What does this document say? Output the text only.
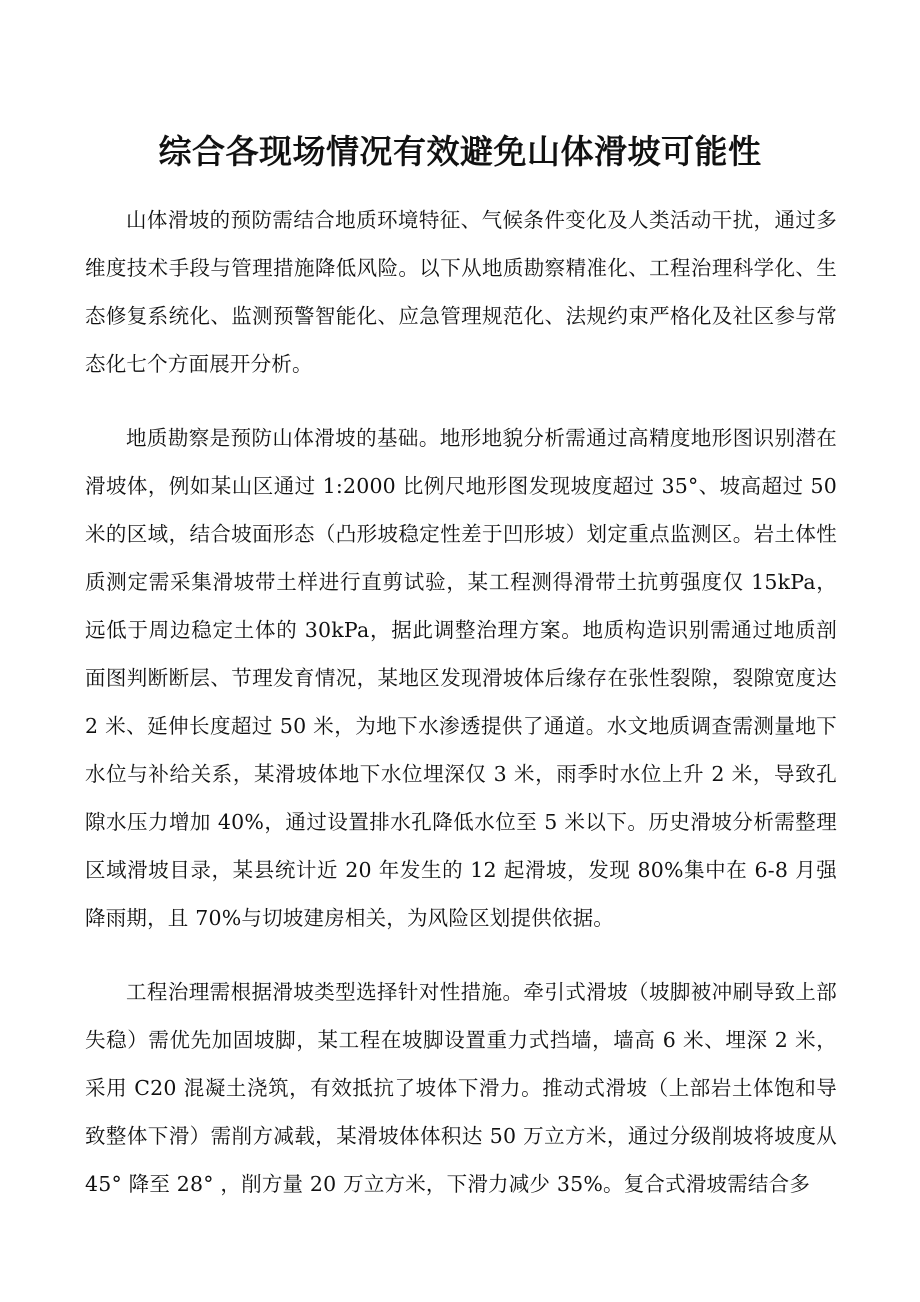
综合各现场情况有效避免山体滑坡可能性

山体滑坡的预防需结合地质环境特征、气候条件变化及人类活动干扰，通过多维度技术手段与管理措施降低风险。以下从地质勘察精准化、工程治理科学化、生态修复系统化、监测预警智能化、应急管理规范化、法规约束严格化及社区参与常态化七个方面展开分析。

地质勘察是预防山体滑坡的基础。地形地貌分析需通过高精度地形图识别潜在滑坡体，例如某山区通过 1:2000 比例尺地形图发现坡度超过 35°、坡高超过 50 米的区域，结合坡面形态（凸形坡稳定性差于凹形坡）划定重点监测区。岩土体性质测定需采集滑坡带土样进行直剪试验，某工程测得滑带土抗剪强度仅 15kPa，远低于周边稳定土体的 30kPa，据此调整治理方案。地质构造识别需通过地质剖面图判断断层、节理发育情况，某地区发现滑坡体后缘存在张性裂隙，裂隙宽度达 2 米、延伸长度超过 50 米，为地下水渗透提供了通道。水文地质调查需测量地下水位与补给关系，某滑坡体地下水位埋深仅 3 米，雨季时水位上升 2 米，导致孔隙水压力增加 40%，通过设置排水孔降低水位至 5 米以下。历史滑坡分析需整理区域滑坡目录，某县统计近 20 年发生的 12 起滑坡，发现 80%集中在 6-8 月强降雨期，且 70%与切坡建房相关，为风险区划提供依据。

工程治理需根据滑坡类型选择针对性措施。牵引式滑坡（坡脚被冲刷导致上部失稳）需优先加固坡脚，某工程在坡脚设置重力式挡墙，墙高 6 米、埋深 2 米，采用 C20 混凝土浇筑，有效抵抗了坡体下滑力。推动式滑坡（上部岩土体饱和导致整体下滑）需削方减载，某滑坡体体积达 50 万立方米，通过分级削坡将坡度从 45° 降至 28° ，削方量 20 万立方米，下滑力减少 35%。复合式滑坡需结合多
